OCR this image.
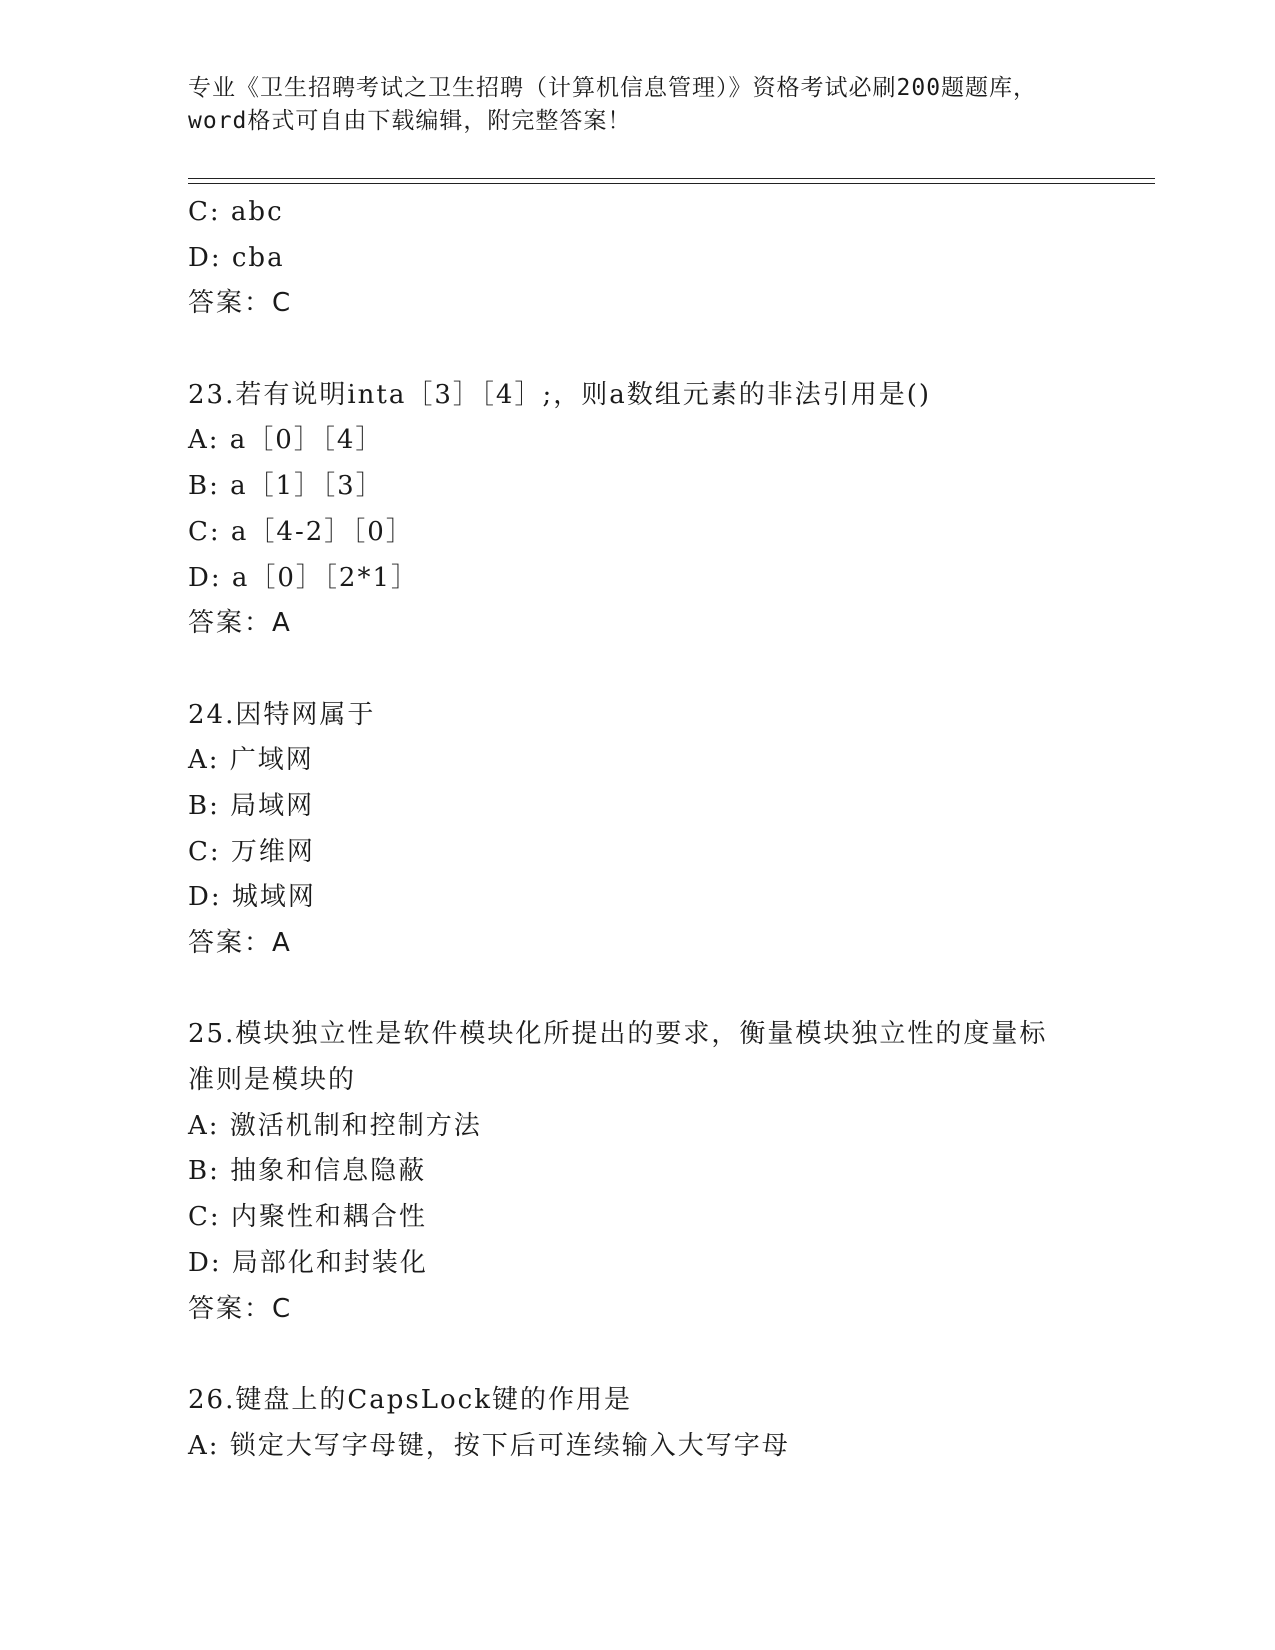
专业《卫生招聘考试之卫生招聘（计算机信息管理）》资格考试必刷200题题库，
word格式可自由下载编辑，附完整答案！
C: abc
D: cba
答案：C
23.若有说明inta［3］［4］;，则a数组元素的非法引用是()
A: a［0］［4］
B: a［1］［3］
C: a［4-2］［0］
D: a［0］［2*1］
答案：A
24.因特网属于
A: 广域网
B: 局域网
C: 万维网
D: 城域网
答案：A
25.模块独立性是软件模块化所提出的要求，衡量模块独立性的度量标
准则是模块的
A: 激活机制和控制方法
B: 抽象和信息隐蔽
C: 内聚性和耦合性
D: 局部化和封装化
答案：C
26.键盘上的CapsLock键的作用是
A: 锁定大写字母键，按下后可连续输入大写字母
